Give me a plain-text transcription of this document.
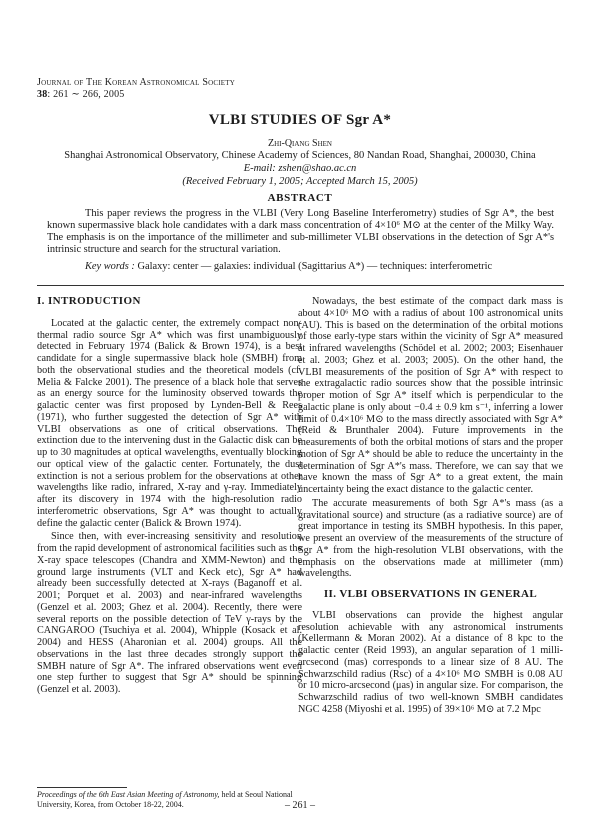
Journal of The Korean Astronomical Society
38: 261 ∼ 266, 2005
VLBI STUDIES OF Sgr A*
Zhi-Qiang Shen
Shanghai Astronomical Observatory, Chinese Academy of Sciences, 80 Nandan Road, Shanghai, 200030, China
E-mail: zshen@shao.ac.cn
(Received February 1, 2005; Accepted March 15, 2005)
ABSTRACT
This paper reviews the progress in the VLBI (Very Long Baseline Interferometry) studies of Sgr A*, the best known supermassive black hole candidates with a dark mass concentration of 4×10⁶ M⊙ at the center of the Milky Way. The emphasis is on the importance of the millimeter and sub-millimeter VLBI observations in the detection of Sgr A*'s intrinsic structure and search for the structural variation.
Key words : Galaxy: center — galaxies: individual (Sagittarius A*) — techniques: interferometric
I. INTRODUCTION

Located at the galactic center, the extremely compact non-thermal radio source Sgr A* which was first unambiguously detected in February 1974 (Balick & Brown 1974), is a best candidate for a single supermassive black hole (SMBH) from both the observational studies and the theoretical models (cf. Melia & Falcke 2001). The presence of a black hole that serves as an energy source for the luminosity observed towards the galactic center was first proposed by Lynden-Bell & Rees (1971), who further suggested the detection of Sgr A* with VLBI observations as one of critical observations. The extinction due to the intervening dust in the Galactic disk can be up to 30 magnitudes at optical wavelengths, eventually blocking our optical view of the galactic center. Fortunately, the dust extinction is not a serious problem for the observations at other wavelengths like radio, infrared, X-ray and γ-ray. Immediately after its discovery in 1974 with the high-resolution radio interferometric observations, Sgr A* was thought to actually define the galactic center (Balick & Brown 1974).

Since then, with ever-increasing sensitivity and resolution from the rapid development of astronomical facilities such as the X-ray space telescopes (Chandra and XMM-Newton) and the ground large instruments (VLT and Keck etc), Sgr A* had already been successfully detected at X-rays (Baganoff et al. 2001; Porquet et al. 2003) and near-infrared wavelengths (Genzel et al. 2003; Ghez et al. 2004). Recently, there were several reports on the possible detection of TeV γ-rays by the CANGAROO (Tsuchiya et al. 2004), Whipple (Kosack et al. 2004) and HESS (Aharonian et al. 2004) groups. All the observations in the last three decades strongly support the SMBH nature of Sgr A*. The infrared observations went even one step further to suggest that Sgr A* should be spinning (Genzel et al. 2003).

Nowadays, the best estimate of the compact dark mass is about 4×10⁶ M⊙ with a radius of about 100 astronomical units (AU). This is based on the determination of the orbital motions of those early-type stars within the vicinity of Sgr A* measured at infrared wavelengths (Schödel et al. 2002; 2003; Eisenhauer et al. 2003; Ghez et al. 2003; 2005). On the other hand, the VLBI measurements of the position of Sgr A* with respect to the extragalactic radio sources show that the possible intrinsic proper motion of Sgr A* itself which is perpendicular to the galactic plane is only about −0.4 ± 0.9 km s⁻¹, inferring a lower limit of 0.4×10⁶ M⊙ to the mass directly associated with Sgr A* (Reid & Brunthaler 2004). Future improvements in the measurements of both the orbital motions of stars and the proper motion of Sgr A* should be able to reduce the uncertainty in the determination of Sgr A*'s mass. Therefore, we can say that we have known the mass of Sgr A* to a great extent, the main uncertainty being the exact distance to the galactic center.

The accurate measurements of both Sgr A*'s mass (as a gravitational source) and structure (as a radiative source) are of great importance in testing its SMBH hypothesis. In this paper, we present an overview of the measurements of the structure of Sgr A* from the high-resolution VLBI observations, with the emphasis on the observations made at millimeter (mm) wavelengths.

II. VLBI OBSERVATIONS IN GENERAL

VLBI observations can provide the highest angular resolution achievable with any astronomical instruments (Kellermann & Moran 2002). At a distance of 8 kpc to the galactic center (Reid 1993), an angular separation of 1 milli-arcsecond (mas) corresponds to a linear size of 8 AU. The Schwarzschild radius (Rsc) of a 4×10⁶ M⊙ SMBH is 0.08 AU or 10 micro-arcsecond (μas) in angular size. For comparison, the Schwarzschild radius of two well-known SMBH candidates NGC 4258 (Miyoshi et al. 1995) of 39×10⁶ M⊙ at 7.2 Mpc

Proceedings of the 6th East Asian Meeting of Astronomy, held at Seoul National University, Korea, from October 18-22, 2004.	– 261 –
